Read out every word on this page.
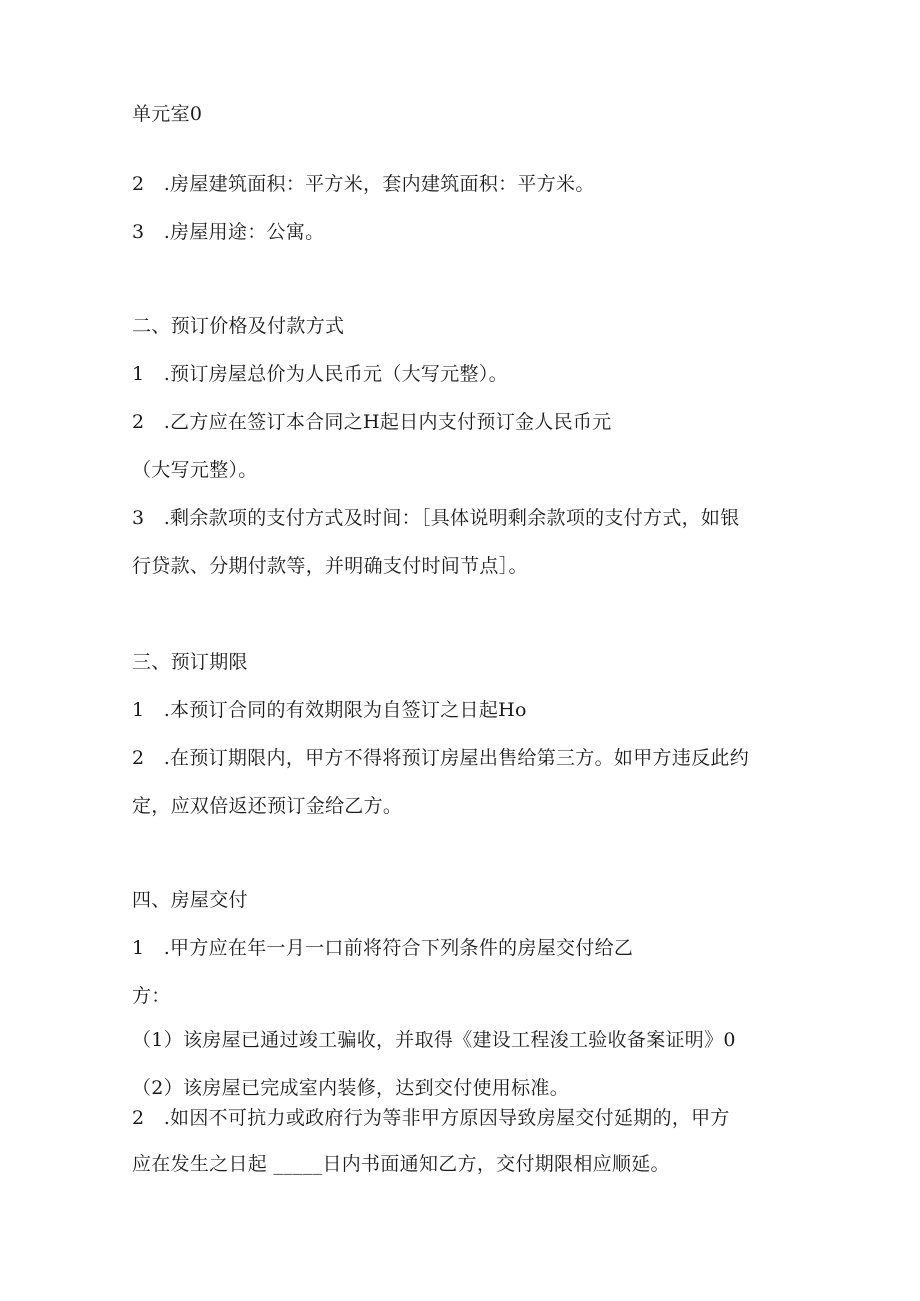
单元室0
2　.房屋建筑面积：平方米，套内建筑面积：平方米。
3　.房屋用途：公寓。
二、预订价格及付款方式
1　.预订房屋总价为人民币元（大写元整）。
2　.乙方应在签订本合同之H起日内支付预订金人民币元
（大写元整）。
3　.剩余款项的支付方式及时间：［具体说明剩余款项的支付方式，如银
行贷款、分期付款等，并明确支付时间节点］。
三、预订期限
1　.本预订合同的有效期限为自签订之日起Ho
2　.在预订期限内，甲方不得将预订房屋出售给第三方。如甲方违反此约
定，应双倍返还预订金给乙方。
四、房屋交付
1　.甲方应在年一月一口前将符合下列条件的房屋交付给乙
方：
（1）该房屋已通过竣工骗收，并取得《建设工程浚工验收备案证明》0
（2）该房屋已完成室内装修，达到交付使用标准。
2　.如因不可抗力或政府行为等非甲方原因导致房屋交付延期的，甲方
应在发生之日起 _____日内书面通知乙方，交付期限相应顺延。
